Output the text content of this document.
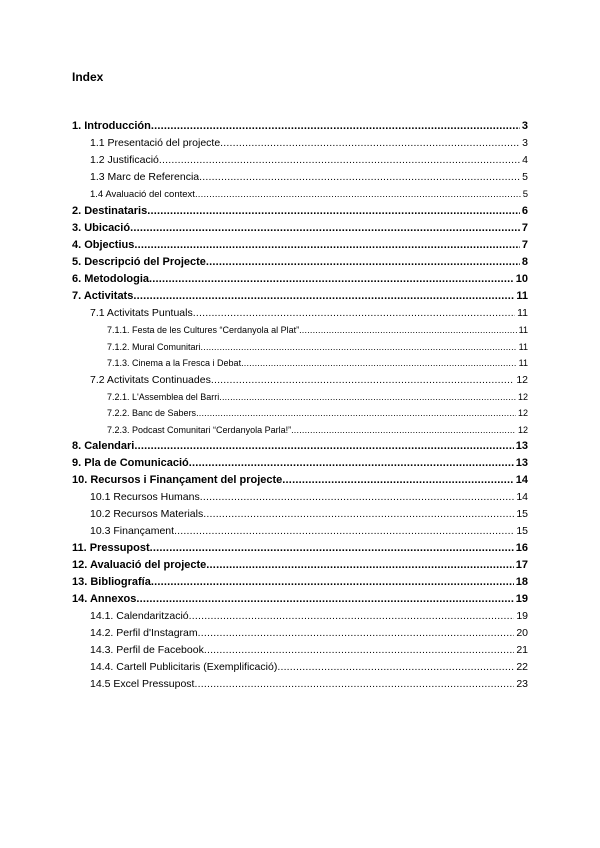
Index
1. Introducción .....	3
1.1 Presentació del projecte .....	3
1.2 Justificació .....	4
1.3 Marc de Referencia .....	5
1.4 Avaluació del context .....	5
2. Destinataris .....	6
3. Ubicació .....	7
4. Objectius .....	7
5. Descripció del Projecte .....	8
6. Metodologia .....	10
7. Activitats .....	11
7.1 Activitats Puntuals .....	11
7.1.1. Festa de les Cultures “Cerdanyola al Plat” .....	11
7.1.2. Mural Comunitari .....	11
7.1.3. Cinema a la Fresca i Debat .....	11
7.2 Activitats Continuades .....	12
7.2.1. L'Assemblea del Barri .....	12
7.2.2. Banc de Sabers .....	12
7.2.3. Podcast Comunitari “Cerdanyola Parla!” .....	12
8. Calendari .....	13
9. Pla de Comunicació .....	13
10. Recursos i Finançament del projecte .....	14
10.1 Recursos Humans .....	14
10.2 Recursos Materials .....	15
10.3 Finançament .....	15
11. Pressupost .....	16
12. Avaluació del projecte .....	17
13. Bibliografía .....	18
14. Annexos .....	19
14.1. Calendarització .....	19
14.2. Perfil d'Instagram .....	20
14.3. Perfil de Facebook .....	21
14.4. Cartell Publicitaris (Exemplificació) .....	22
14.5 Excel Pressupost .....	23
